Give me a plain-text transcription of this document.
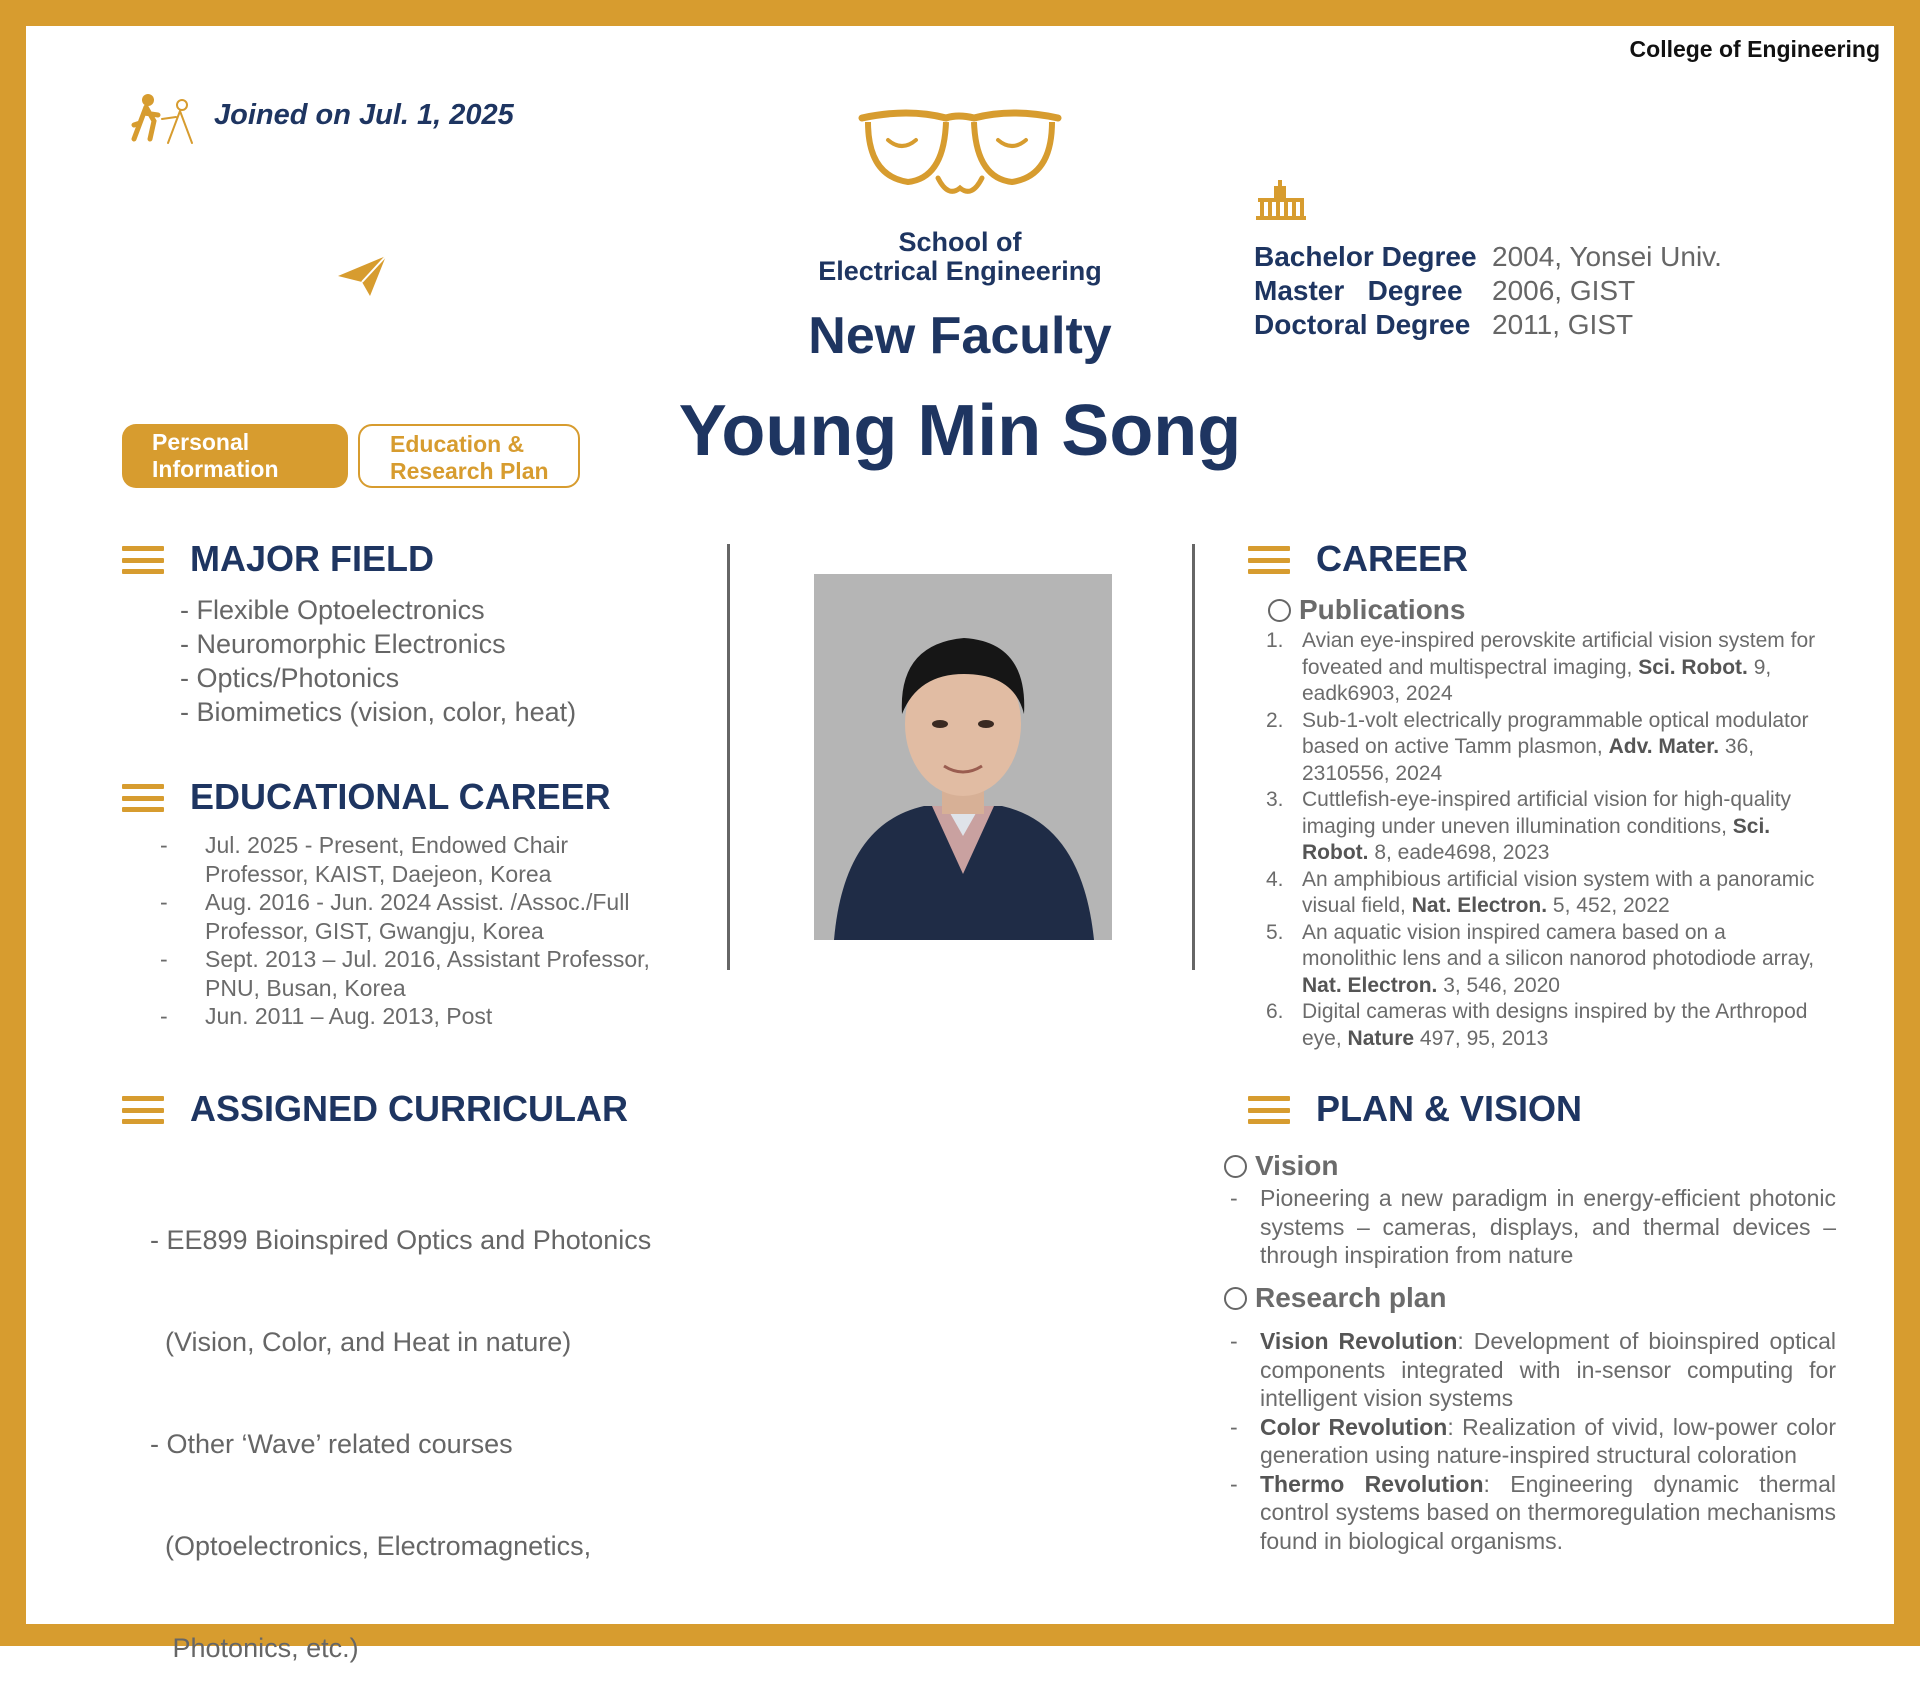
College of Engineering
Joined on Jul. 1, 2025
School of
Electrical Engineering
New Faculty
Young Min Song
Bachelor Degree 2004, Yonsei Univ.
Master   Degree 2006, GIST
Doctoral Degree 2011, GIST
Personal
Information
Education &
Research Plan
MAJOR FIELD
- Flexible Optoelectronics
- Neuromorphic Electronics
- Optics/Photonics
- Biomimetics (vision, color, heat)
EDUCATIONAL CAREER
-	Jul. 2025 - Present, Endowed Chair
Professor, KAIST, Daejeon, Korea
-	Aug. 2016 - Jun. 2024 Assist. /Assoc./Full
Professor, GIST, Gwangju, Korea
-	Sept. 2013 – Jul. 2016, Assistant Professor,
PNU, Busan, Korea
-	Jun. 2011 – Aug. 2013, Post
ASSIGNED CURRICULAR

- EE899 Bioinspired Optics and Photonics

(Vision, Color, and Heat in nature)

- Other ‘Wave’ related courses

(Optoelectronics, Electromagnetics,

Photonics, etc.)

CAREER
Publications
1. Avian eye-inspired perovskite artificial vision system for
foveated and multispectral imaging, Sci. Robot. 9,
eadk6903, 2024
2. Sub-1-volt electrically programmable optical modulator
based on active Tamm plasmon, Adv. Mater. 36,
2310556, 2024
3. Cuttlefish-eye-inspired artificial vision for high-quality
imaging under uneven illumination conditions, Sci.
Robot. 8, eade4698, 2023
4. An amphibious artificial vision system with a panoramic
visual field, Nat. Electron. 5, 452, 2022
5. An aquatic vision inspired camera based on a
monolithic lens and a silicon nanorod photodiode array,
Nat. Electron. 3, 546, 2020
6. Digital cameras with designs inspired by the Arthropod
eye, Nature 497, 95, 2013
PLAN & VISION
Vision
- Pioneering a new paradigm in energy-efficient photonic systems – cameras, displays, and thermal devices – through inspiration from nature
Research plan
- Vision Revolution: Development of bioinspired optical components integrated with in-sensor computing for intelligent vision systems
- Color Revolution: Realization of vivid, low-power color generation using nature-inspired structural coloration
- Thermo Revolution: Engineering dynamic thermal control systems based on thermoregulation mechanisms found in biological organisms.
